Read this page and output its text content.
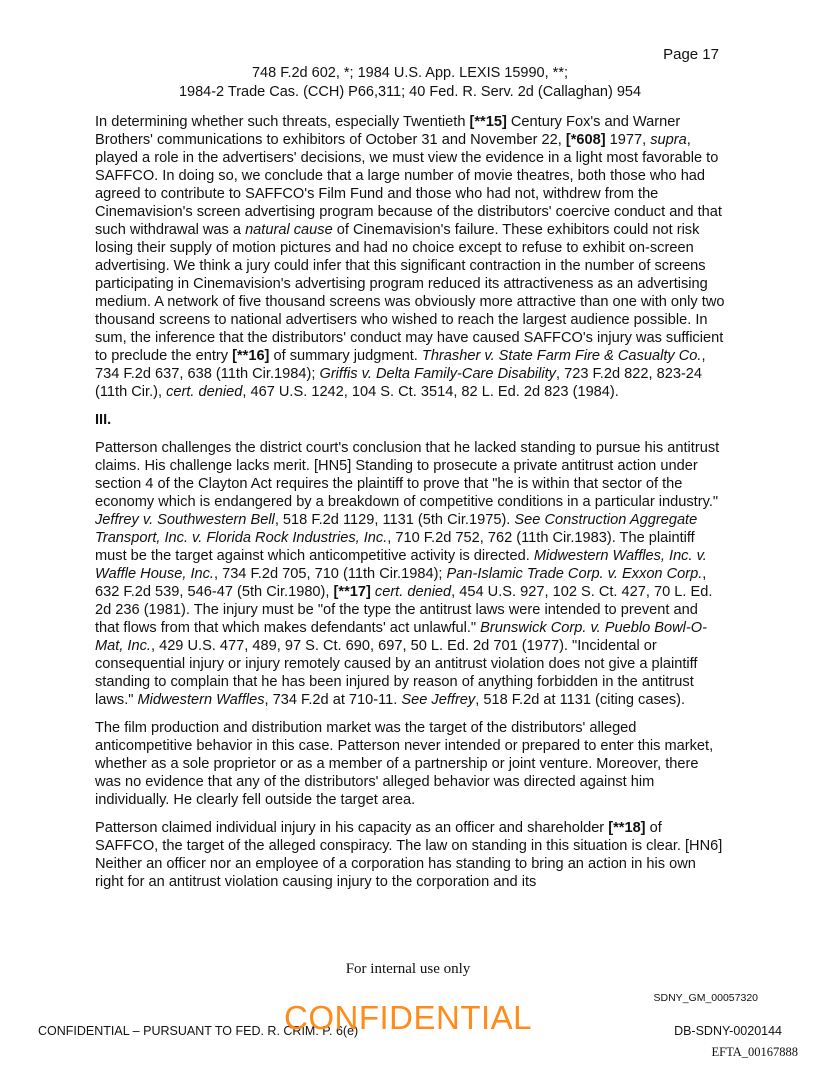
Page 17
748 F.2d 602, *; 1984 U.S. App. LEXIS 15990, **;
1984-2 Trade Cas. (CCH) P66,311; 40 Fed. R. Serv. 2d (Callaghan) 954

In determining whether such threats, especially Twentieth [**15] Century Fox's and Warner Brothers' communications to exhibitors of October 31 and November 22, [*608] 1977, supra, played a role in the advertisers' decisions, we must view the evidence in a light most favorable to SAFFCO. In doing so, we conclude that a large number of movie theatres, both those who had agreed to contribute to SAFFCO's Film Fund and those who had not, withdrew from the Cinemavision's screen advertising program because of the distributors' coercive conduct and that such withdrawal was a natural cause of Cinemavision's failure. These exhibitors could not risk losing their supply of motion pictures and had no choice except to refuse to exhibit on-screen advertising. We think a jury could infer that this significant contraction in the number of screens participating in Cinemavision's advertising program reduced its attractiveness as an advertising medium. A network of five thousand screens was obviously more attractive than one with only two thousand screens to national advertisers who wished to reach the largest audience possible. In sum, the inference that the distributors' conduct may have caused SAFFCO's injury was sufficient to preclude the entry [**16] of summary judgment. Thrasher v. State Farm Fire & Casualty Co., 734 F.2d 637, 638 (11th Cir.1984); Griffis v. Delta Family-Care Disability, 723 F.2d 822, 823-24 (11th Cir.), cert. denied, 467 U.S. 1242, 104 S. Ct. 3514, 82 L. Ed. 2d 823 (1984).

III.

Patterson challenges the district court's conclusion that he lacked standing to pursue his antitrust claims. His challenge lacks merit. [HN5] Standing to prosecute a private antitrust action under section 4 of the Clayton Act requires the plaintiff to prove that "he is within that sector of the economy which is endangered by a breakdown of competitive conditions in a particular industry." Jeffrey v. Southwestern Bell, 518 F.2d 1129, 1131 (5th Cir.1975). See Construction Aggregate Transport, Inc. v. Florida Rock Industries, Inc., 710 F.2d 752, 762 (11th Cir.1983). The plaintiff must be the target against which anticompetitive activity is directed. Midwestern Waffles, Inc. v. Waffle House, Inc., 734 F.2d 705, 710 (11th Cir.1984); Pan-Islamic Trade Corp. v. Exxon Corp., 632 F.2d 539, 546-47 (5th Cir.1980), [**17] cert. denied, 454 U.S. 927, 102 S. Ct. 427, 70 L. Ed. 2d 236 (1981). The injury must be "of the type the antitrust laws were intended to prevent and that flows from that which makes defendants' act unlawful." Brunswick Corp. v. Pueblo Bowl-O-Mat, Inc., 429 U.S. 477, 489, 97 S. Ct. 690, 697, 50 L. Ed. 2d 701 (1977). "Incidental or consequential injury or injury remotely caused by an antitrust violation does not give a plaintiff standing to complain that he has been injured by reason of anything forbidden in the antitrust laws." Midwestern Waffles, 734 F.2d at 710-11. See Jeffrey, 518 F.2d at 1131 (citing cases).

The film production and distribution market was the target of the distributors' alleged anticompetitive behavior in this case. Patterson never intended or prepared to enter this market, whether as a sole proprietor or as a member of a partnership or joint venture. Moreover, there was no evidence that any of the distributors' alleged behavior was directed against him individually. He clearly fell outside the target area.

Patterson claimed individual injury in his capacity as an officer and shareholder [**18] of SAFFCO, the target of the alleged conspiracy. The law on standing in this situation is clear. [HN6] Neither an officer nor an employee of a corporation has standing to bring an action in his own right for an antitrust violation causing injury to the corporation and its

For internal use only
SDNY_GM_00057320
CONFIDENTIAL – PURSUANT TO FED. R. CRIM. P. 6(e)
CONFIDENTIAL	DB-SDNY-0020144
EFTA_00167888
